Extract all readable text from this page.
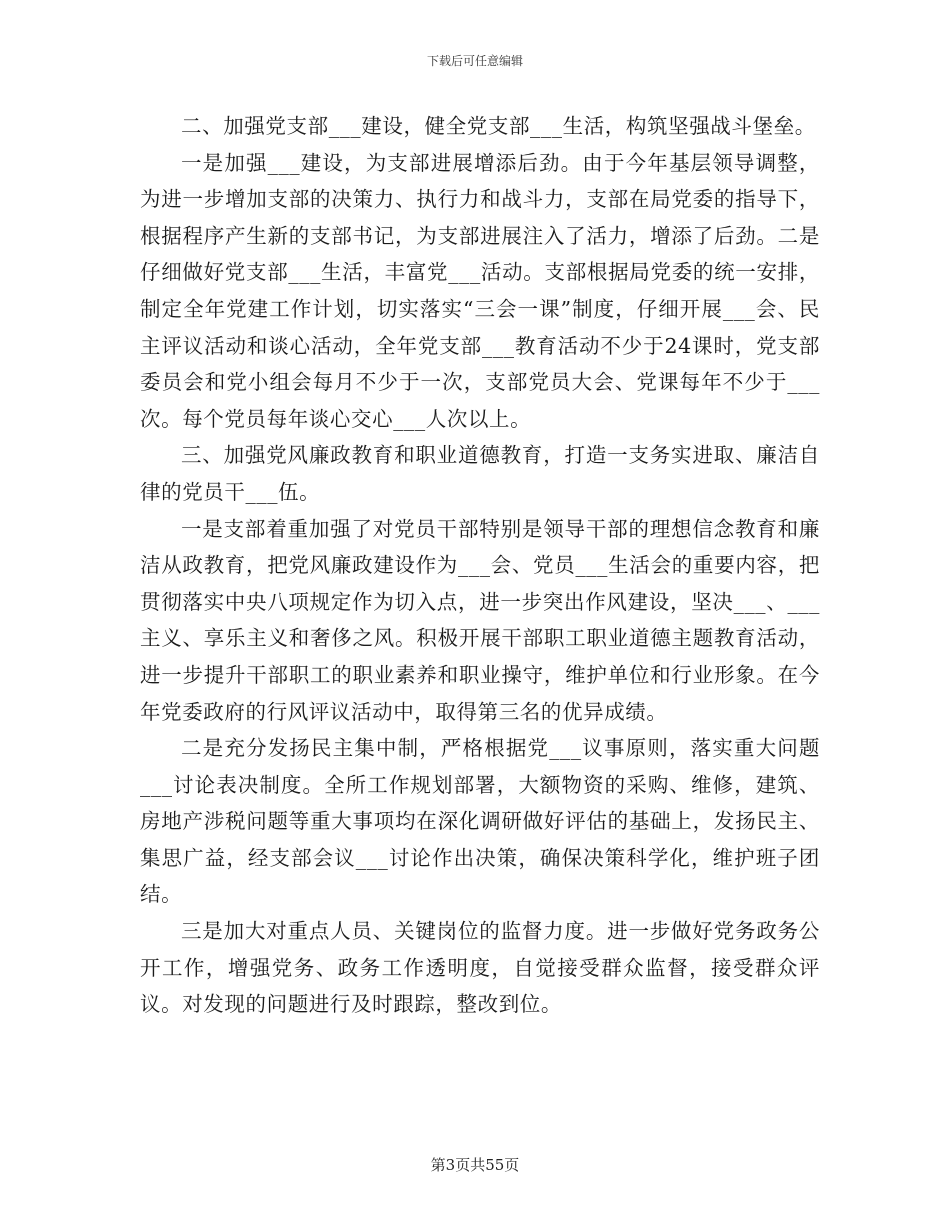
下载后可任意编辑

二、加强党支部___建设，健全党支部___生活，构筑坚强战斗堡垒。

一是加强___建设，为支部进展增添后劲。由于今年基层领导调整，为进一步增加支部的决策力、执行力和战斗力，支部在局党委的指导下，根据程序产生新的支部书记，为支部进展注入了活力，增添了后劲。二是仔细做好党支部___生活，丰富党___活动。支部根据局党委的统一安排，制定全年党建工作计划，切实落实“三会一课”制度，仔细开展___会、民主评议活动和谈心活动，全年党支部___教育活动不少于24课时，党支部委员会和党小组会每月不少于一次，支部党员大会、党课每年不少于___次。每个党员每年谈心交心___人次以上。

三、加强党风廉政教育和职业道德教育，打造一支务实进取、廉洁自律的党员干___伍。

一是支部着重加强了对党员干部特别是领导干部的理想信念教育和廉洁从政教育，把党风廉政建设作为___会、党员___生活会的重要内容，把贯彻落实中央八项规定作为切入点，进一步突出作风建设，坚决___、___主义、享乐主义和奢侈之风。积极开展干部职工职业道德主题教育活动，进一步提升干部职工的职业素养和职业操守，维护单位和行业形象。在今年党委政府的行风评议活动中，取得第三名的优异成绩。

二是充分发扬民主集中制，严格根据党___议事原则，落实重大问题___讨论表决制度。全所工作规划部署，大额物资的采购、维修，建筑、房地产涉税问题等重大事项均在深化调研做好评估的基础上，发扬民主、集思广益，经支部会议___讨论作出决策，确保决策科学化，维护班子团结。

三是加大对重点人员、关键岗位的监督力度。进一步做好党务政务公开工作，增强党务、政务工作透明度，自觉接受群众监督，接受群众评议。对发现的问题进行及时跟踪，整改到位。

第3页共55页
